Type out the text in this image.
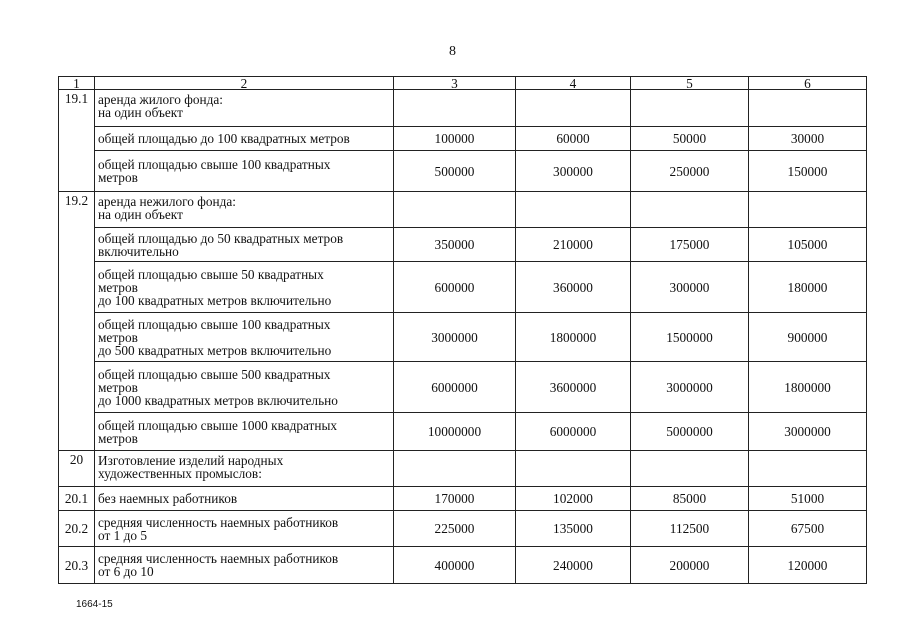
8
1	2	3	4	5	6
19.1	аренда жилого фонда:
на один объект				

	общей площадью до 100 квадратных метров	100000	60000	50000	30000

	общей площадью свыше 100 квадратных
метров	500000	300000	250000	150000
19.2	аренда нежилого фонда:
на один объект				

	общей площадью до 50 квадратных метров
включительно	350000	210000	175000	105000

	общей площадью свыше 50 квадратных
метров
до 100 квадратных метров включительно	600000	360000	300000	180000

	общей площадью свыше 100 квадратных
метров
до 500 квадратных метров включительно	3000000	1800000	1500000	900000

	общей площадью свыше 500 квадратных
метров
до 1000 квадратных метров включительно	6000000	3600000	3000000	1800000

	общей площадью свыше 1000 квадратных
метров	10000000	6000000	5000000	3000000
20	Изготовление изделий народных
художественных промыслов:				

20.1	без наемных работников	170000	102000	85000	51000
20.2	средняя численность наемных работников
от 1 до 5	225000	135000	112500	67500
20.3	средняя численность наемных работников
от 6 до 10	400000	240000	200000	120000
1664-15
